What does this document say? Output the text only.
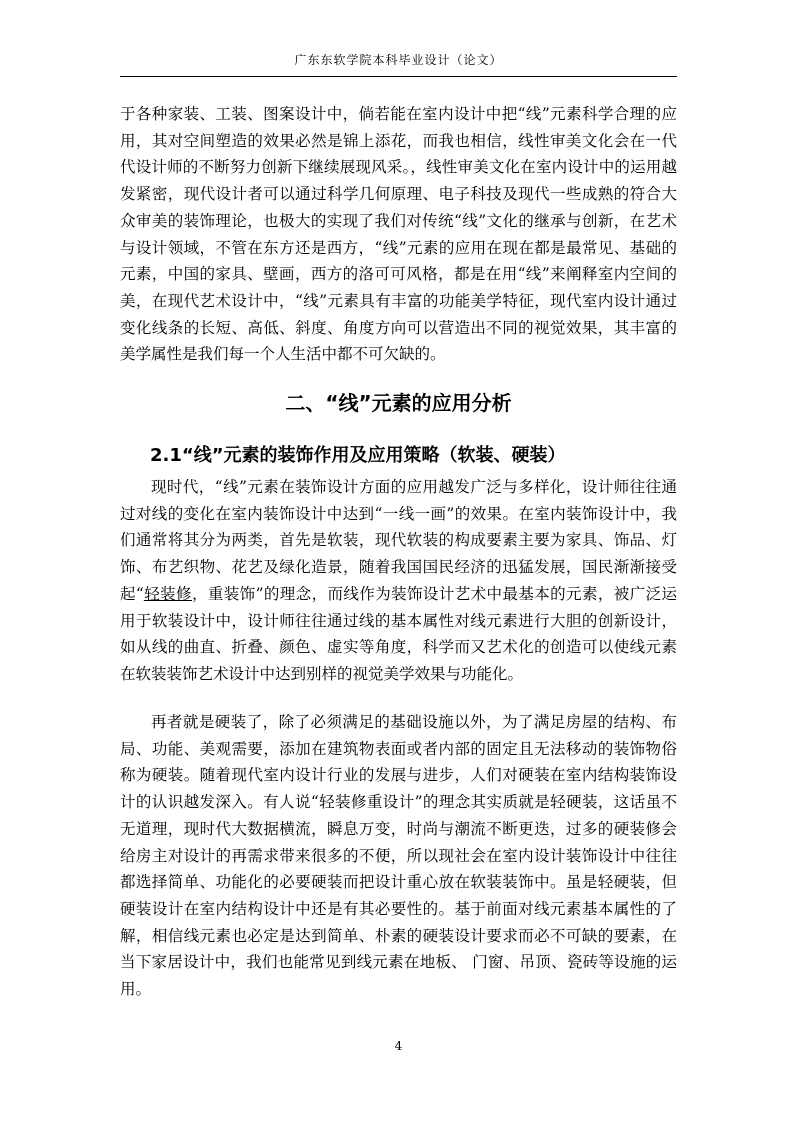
广东东软学院本科毕业设计（论文）

于各种家装、工装、图案设计中，倘若能在室内设计中把“线”元素科学合理的应用，其对空间塑造的效果必然是锦上添花，而我也相信，线性审美文化会在一代代设计师的不断努力创新下继续展现风采。，线性审美文化在室内设计中的运用越发紧密，现代设计者可以通过科学几何原理、电子科技及现代一些成熟的符合大众审美的装饰理论，也极大的实现了我们对传统“线”文化的继承与创新，在艺术与设计领域，不管在东方还是西方，“线”元素的应用在现在都是最常见、基础的元素，中国的家具、壁画，西方的洛可可风格，都是在用“线”来阐释室内空间的美，在现代艺术设计中，“线”元素具有丰富的功能美学特征，现代室内设计通过变化线条的长短、高低、斜度、角度方向可以营造出不同的视觉效果，其丰富的美学属性是我们每一个人生活中都不可欠缺的。

二、“线”元素的应用分析
2.1“线”元素的装饰作用及应用策略（软装、硬装）

现时代，“线”元素在装饰设计方面的应用越发广泛与多样化，设计师往往通过对线的变化在室内装饰设计中达到“一线一画”的效果。在室内装饰设计中，我们通常将其分为两类，首先是软装，现代软装的构成要素主要为家具、饰品、灯饰、布艺织物、花艺及绿化造景，随着我国国民经济的迅猛发展，国民渐渐接受起“轻装修，重装饰”的理念，而线作为装饰设计艺术中最基本的元素，被广泛运用于软装设计中，设计师往往通过线的基本属性对线元素进行大胆的创新设计，如从线的曲直、折叠、颜色、虚实等角度，科学而又艺术化的创造可以使线元素在软装装饰艺术设计中达到别样的视觉美学效果与功能化。

再者就是硬装了，除了必须满足的基础设施以外，为了满足房屋的结构、布局、功能、美观需要，添加在建筑物表面或者内部的固定且无法移动的装饰物俗称为硬装。随着现代室内设计行业的发展与进步，人们对硬装在室内结构装饰设计的认识越发深入。有人说“轻装修重设计”的理念其实质就是轻硬装，这话虽不无道理，现时代大数据横流，瞬息万变，时尚与潮流不断更迭，过多的硬装修会给房主对设计的再需求带来很多的不便，所以现社会在室内设计装饰设计中往往都选择简单、功能化的必要硬装而把设计重心放在软装装饰中。虽是轻硬装，但硬装设计在室内结构设计中还是有其必要性的。基于前面对线元素基本属性的了解，相信线元素也必定是达到简单、朴素的硬装设计要求而必不可缺的要素，在当下家居设计中，我们也能常见到线元素在地板、 门窗、吊顶、瓷砖等设施的运用。

4
